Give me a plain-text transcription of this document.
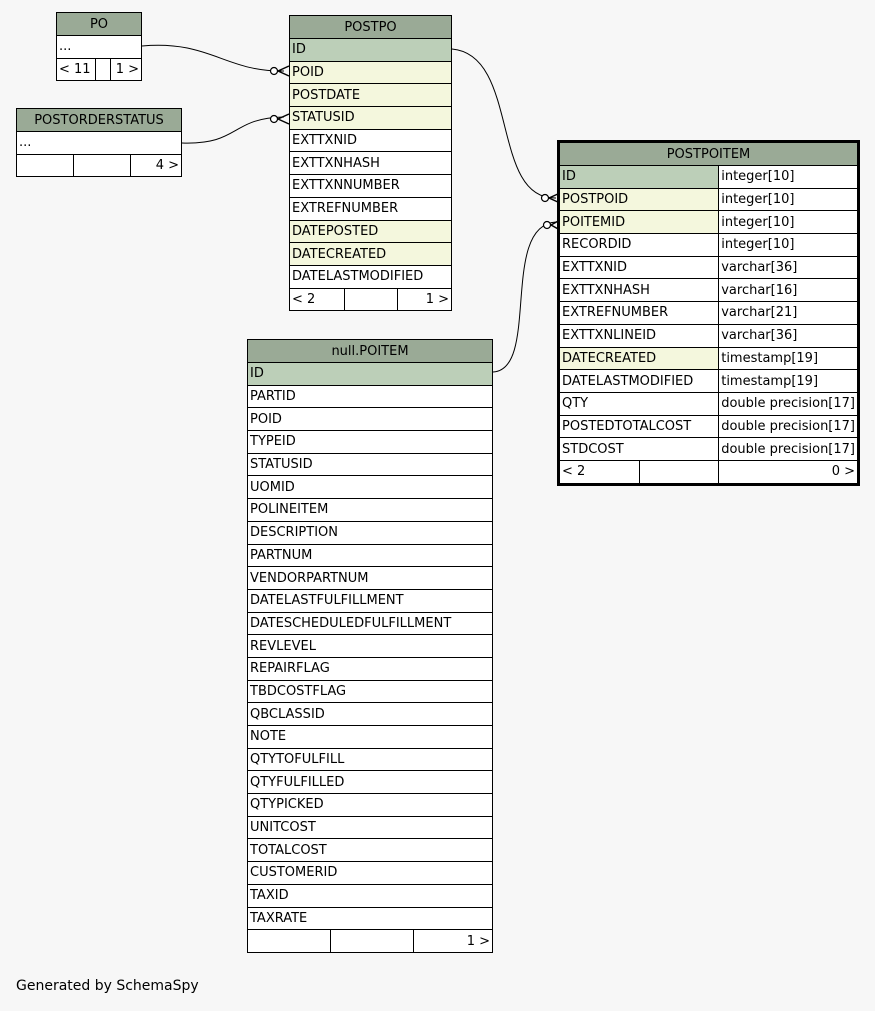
PO
...
< 11		1 >
POSTORDERSTATUS
...
		4 >
POSTPO
ID
POID
POSTDATE
STATUSID
EXTTXNID
EXTTXNHASH
EXTTXNNUMBER
EXTREFNUMBER
DATEPOSTED
DATECREATED
DATELASTMODIFIED
< 2		1 >
POSTPOITEM		
ID		integer[10]
POSTPOID		integer[10]
POITEMID		integer[10]
RECORDID		integer[10]
EXTTXNID		varchar[36]
EXTTXNHASH		varchar[16]
EXTREFNUMBER		varchar[21]
EXTTXNLINEID		varchar[36]
DATECREATED		timestamp[19]
DATELASTMODIFIED		timestamp[19]
QTY		double precision[17]
POSTEDTOTALCOST		double precision[17]
STDCOST		double precision[17]
< 2		0 >
null.POITEM
ID
PARTID
POID
TYPEID
STATUSID
UOMID
POLINEITEM
DESCRIPTION
PARTNUM
VENDORPARTNUM
DATELASTFULFILLMENT
DATESCHEDULEDFULFILLMENT
REVLEVEL
REPAIRFLAG
TBDCOSTFLAG
QBCLASSID
NOTE
QTYTOFULFILL
QTYFULFILLED
QTYPICKED
UNITCOST
TOTALCOST
CUSTOMERID
TAXID
TAXRATE
		1 >
Generated by SchemaSpy
